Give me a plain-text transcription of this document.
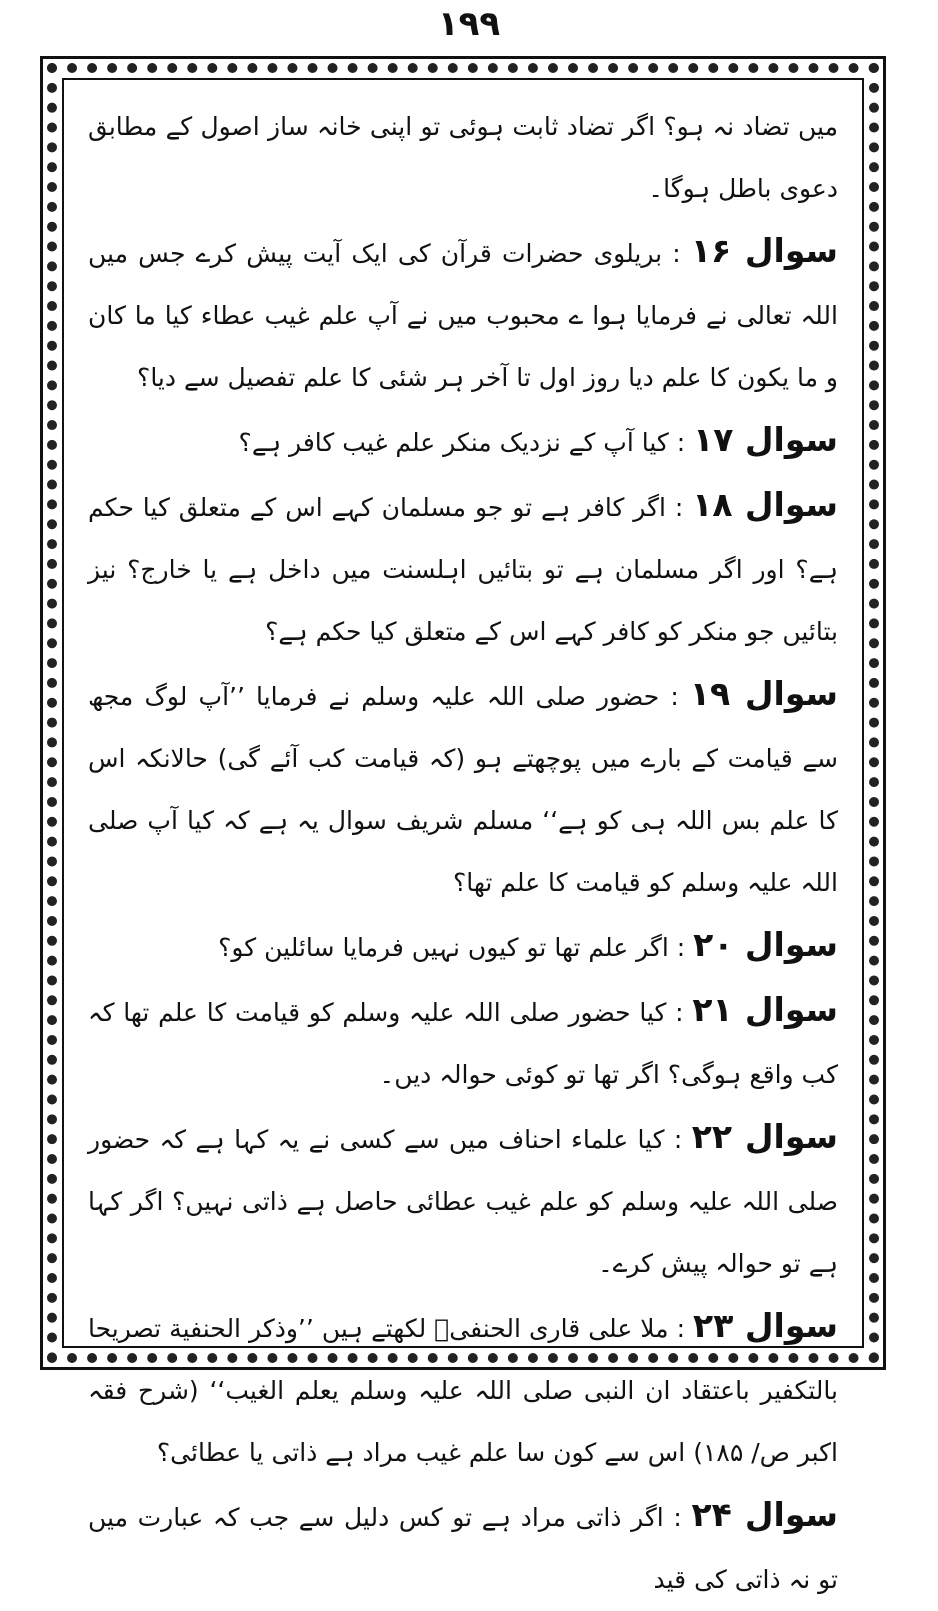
۱۹۹

میں تضاد نہ ہو؟ اگر تضاد ثابت ہوئی تو اپنی خانہ ساز اصول کے مطابق دعوی باطل ہوگا۔

سوال ۱۶ : بریلوی حضرات قرآن کی ایک آیت پیش کرے جس میں اللہ تعالی نے فرمایا ہوا ے محبوب میں نے آپ علم غیب عطاء کیا ما کان و ما یکون کا علم دیا روز اول تا آخر ہر شئی کا علم تفصیل سے دیا؟

سوال ۱۷ : کیا آپ کے نزدیک منکر علم غیب کافر ہے؟

سوال ۱۸ : اگر کافر ہے تو جو مسلمان کہے اس کے متعلق کیا حکم ہے؟ اور اگر مسلمان ہے تو بتائیں اہلسنت میں داخل ہے یا خارج؟ نیز بتائیں جو منکر کو کافر کہے اس کے متعلق کیا حکم ہے؟

سوال ۱۹ : حضور صلی اللہ علیہ وسلم نے فرمایا ’’آپ لوگ مجھ سے قیامت کے بارے میں پوچھتے ہو (کہ قیامت کب آئے گی) حالانکہ اس کا علم بس اللہ ہی کو ہے‘‘ مسلم شریف سوال یہ ہے کہ کیا آپ صلی اللہ علیہ وسلم کو قیامت کا علم تھا؟

سوال ۲۰ : اگر علم تھا تو کیوں نہیں فرمایا سائلین کو؟

سوال ۲۱ : کیا حضور صلی اللہ علیہ وسلم کو قیامت کا علم تھا کہ کب واقع ہوگی؟ اگر تھا تو کوئی حوالہ دیں۔

سوال ۲۲ : کیا علماء احناف میں سے کسی نے یہ کہا ہے کہ حضور صلی اللہ علیہ وسلم کو علم غیب عطائی حاصل ہے ذاتی نہیں؟ اگر کہا ہے تو حوالہ پیش کرے۔

سوال ۲۳ : ملا علی قاری الحنفیؒ لکھتے ہیں ’’وذکر الحنفیة تصریحا بالتکفیر باعتقاد ان النبی صلی اللہ علیہ وسلم یعلم الغیب‘‘ (شرح فقہ اکبر ص/ ۱۸۵) اس سے کون سا علم غیب مراد ہے ذاتی یا عطائی؟

سوال ۲۴ : اگر ذاتی مراد ہے تو کس دلیل سے جب کہ عبارت میں تو نہ ذاتی کی قید
